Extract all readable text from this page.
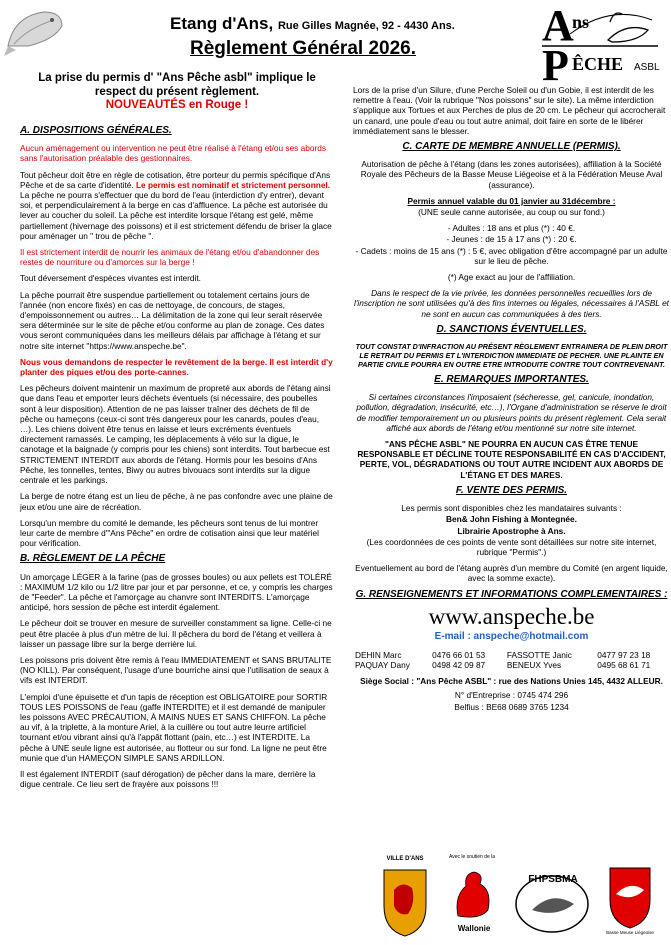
Etang d'Ans, Rue Gilles Magnée, 92 - 4430 Ans.
Règlement Général 2026.	A
P
ns
ÊCHE ASBL
La prise du permis d' "Ans Pêche asbl" implique le respect du présent règlement.
NOUVEAUTÉS en Rouge !

A. DISPOSITIONS GÉNÉRALES.

Aucun aménagement ou intervention ne peut être réalisé à l'étang et/ou ses abords sans l'autorisation préalable des gestionnaires.

Tout pêcheur doit être en règle de cotisation, être porteur du permis spécifique d'Ans Pêche et de sa carte d'identité. Le permis est nominatif et strictement personnel. La pêche ne pourra s'effectuer que du bord de l'eau (interdiction d'y entrer), devant soi, et perpendiculairement à la berge en cas d'affluence. La pêche est autorisée du lever au coucher du soleil. La pêche est interdite lorsque l'étang est gelé, même partiellement (hivernage des poissons) et il est strictement défendu de briser la glace pour aménager un " trou de pêche ".

Il est strictement interdit de nourrir les animaux de l'étang et/ou d'abandonner des restes de nourriture ou d'amorces sur la berge !

Tout déversement d'espèces vivantes est interdit.

La pêche pourrait être suspendue partiellement ou totalement certains jours de l'année (non encore fixés) en cas de nettoyage, de concours, de stages, d'empoissonnement ou autres… La délimitation de la zone qui leur serait réservée sera déterminée sur le site de pêche et/ou conforme au plan de zonage. Ces dates vous seront communiquées dans les meilleurs délais par affichage à l'étang et sur notre site internet "https://www.anspeche.be".

Nous vous demandons de respecter le revêtement de la berge. Il est interdit d'y planter des piques et/ou des porte-cannes.

Les pêcheurs doivent maintenir un maximum de propreté aux abords de l'étang ainsi que dans l'eau et emporter leurs déchets éventuels (si nécessaire, des poubelles sont à leur disposition). Attention de ne pas laisser traîner des déchets de fil de pêche ou hameçons (ceux-ci sont très dangereux pour les canards, poules d'eau, …). Les chiens doivent être tenus en laisse et leurs excréments éventuels directement ramassés. Le camping, les déplacements à vélo sur la digue, le canotage et la baignade (y compris pour les chiens) sont interdits. Tout barbecue est STRICTEMENT INTERDIT aux abords de l'étang. Hormis pour les besoins d'Ans Pêche, les tonnelles, tentes, Biwy ou autres bivouacs sont interdits sur la digue centrale et les parkings.

La berge de notre étang est un lieu de pêche, à ne pas confondre avec une plaine de jeux et/ou une aire de récréation.

Lorsqu'un membre du comité le demande, les pêcheurs sont tenus de lui montrer leur carte de membre d'"Ans Pêche" en ordre de cotisation ainsi que leur matériel pour vérification.

B. RÈGLEMENT DE LA PÊCHE

Un amorçage LÉGER à la farine (pas de grosses boules) ou aux pellets est TOLÉRÉ : MAXIMUM 1/2 kilo ou 1/2 litre par jour et par personne, et ce, y compris les charges de "Feeder". La pêche et l'amorçage au chanvre sont INTERDITS. L'amorçage anticipé, hors session de pêche est interdit également.

Le pêcheur doit se trouver en mesure de surveiller constamment sa ligne. Celle-ci ne peut être placée à plus d'un mètre de lui. Il pêchera du bord de l'étang et veillera à laisser un passage libre sur la berge derrière lui.

Les poissons pris doivent être remis à l'eau IMMEDIATEMENT et SANS BRUTALITE (NO KILL). Par conséquent, l'usage d'une bourriche ainsi que l'utilisation de seaux à vifs est INTERDIT.

L'emploi d'une épuisette et d'un tapis de réception est OBLIGATOIRE pour SORTIR TOUS LES POISSONS de l'eau (gaffe INTERDITE) et il est demandé de manipuler les poissons AVEC PRÉCAUTION, À MAINS NUES ET SANS CHIFFON. La pêche au vif, à la triplette, à la monture Ariel, à la cuillère ou tout autre leurre artificiel tournant et/ou vibrant ainsi qu'à l'appât flottant (pain, etc…) est INTERDITE. La pêche à UNE seule ligne est autorisée, au flotteur ou sur fond. La ligne ne peut être munie que d'un HAMEÇON SIMPLE SANS ARDILLON.

Il est également INTERDIT (sauf dérogation) de pêcher dans la mare, derrière la digue centrale. Ce lieu sert de frayère aux poissons !!!

Lors de la prise d'un Silure, d'une Perche Soleil ou d'un Gobie, il est interdit de les remettre à l'eau. (Voir la rubrique "Nos poissons" sur le site). La même interdiction s'applique aux Tortues et aux Perches de plus de 20 cm. Le pêcheur qui accrocherait un canard, une poule d'eau ou tout autre animal, doit faire en sorte de le libérer immédiatement sans le blesser.

C. CARTE DE MEMBRE ANNUELLE (PERMIS).

Autorisation de pêche à l'étang (dans les zones autorisées), affiliation à la Société Royale des Pêcheurs de la Basse Meuse Liégeoise et à la Fédération Meuse Aval (assurance).

Permis annuel valable du 01 janvier au 31décembre :

(UNE seule canne autorisée, au coup ou sur fond.)

- Adultes : 18 ans et plus (*) : 40 €.

- Jeunes : de 15 à 17 ans (*) : 20 €.

- Cadets : moins de 15 ans (*) : 5 €, avec obligation d'être accompagné par un adulte sur le lieu de pêche.

(*) Age exact au jour de l'affiliation.

Dans le respect de la vie privée, les données personnelles recueillies lors de l'inscription ne sont utilisées qu'à des fins internes ou légales, nécessaires à l'ASBL et ne sont en aucun cas communiquées à des tiers.

D. SANCTIONS ÉVENTUELLES.

TOUT CONSTAT D'INFRACTION AU PRÉSENT RÈGLEMENT ENTRAINERA DE PLEIN DROIT LE RETRAIT DU PERMIS ET L'INTERDICTION IMMEDIATE DE PECHER. UNE PLAINTE EN PARTIE CIVILE POURRA EN OUTRE ETRE INTRODUITE CONTRE TOUT CONTREVENANT.

E. REMARQUES IMPORTANTES.

Si certaines circonstances l'imposaient (sécheresse, gel, canicule, inondation, pollution, dégradation, insécurité, etc…), l'Organe d'administration se réserve le droit de modifier temporairement un ou plusieurs points du présent règlement. Cela serait affiché aux abords de l'étang et/ou mentionné sur notre site internet.

"ANS PÊCHE ASBL" NE POURRA EN AUCUN CAS ÊTRE TENUE RESPONSABLE ET DÉCLINE TOUTE RESPONSABILITÉ EN CAS D'ACCIDENT, PERTE, VOL, DÉGRADATIONS OU TOUT AUTRE INCIDENT AUX ABORDS DE L'ÉTANG ET DES MARES.

F. VENTE DES PERMIS.

Les permis sont disponibles chez les mandataires suivants :

Ben& John Fishing à Montegnée.

Librairie Apostrophe à Ans.

(Les coordonnées de ces points de vente sont détaillées sur notre site internet, rubrique "Permis".)

Eventuellement au bord de l'étang auprès d'un membre du Comité (en argent liquide, avec la somme exacte).

G. RENSEIGNEMENTS ET INFORMATIONS COMPLEMENTAIRES :

www.anspeche.be

E-mail : anspeche@hotmail.com

DEHIN Marc	0476 66 01 53	FASSOTTE Janic	0477 97 23 18
PAQUAY Dany	0498 42 09 87	BENEUX Yves	0495 68 61 71

Siège Social : "Ans Pêche ASBL" : rue des Nations Unies 145, 4432 ALLEUR.

N° d'Entreprise : 0745 474 296

Belfius : BE68 0689 3765 1234

VILLE D'ANS	Avec le soutien de la
Wallonie
FHPSBMA
Basse Meuse Liégeoise
